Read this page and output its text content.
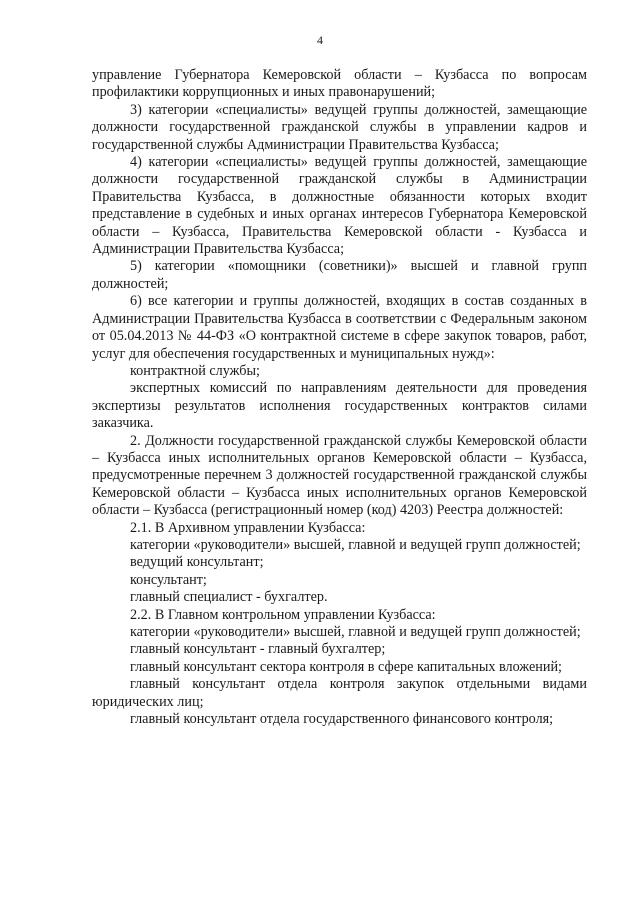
4

управление Губернатора Кемеровской области – Кузбасса по вопросам профилактики коррупционных и иных правонарушений;

3) категории «специалисты» ведущей группы должностей, замещающие должности государственной гражданской службы в управлении кадров и государственной службы Администрации Правительства Кузбасса;

4) категории «специалисты» ведущей группы должностей, замещающие должности государственной гражданской службы в Администрации Правительства Кузбасса, в должностные обязанности которых входит представление в судебных и иных органах интересов Губернатора Кемеровской области – Кузбасса, Правительства Кемеровской области - Кузбасса и Администрации Правительства Кузбасса;

5) категории «помощники (советники)» высшей и главной групп должностей;

6) все категории и группы должностей, входящих в состав созданных в Администрации Правительства Кузбасса в соответствии с Федеральным законом от 05.04.2013 № 44-ФЗ «О контрактной системе в сфере закупок товаров, работ, услуг для обеспечения государственных и муниципальных нужд»:

контрактной службы;

экспертных комиссий по направлениям деятельности для проведения экспертизы результатов исполнения государственных контрактов силами заказчика.

2. Должности государственной гражданской службы Кемеровской области – Кузбасса иных исполнительных органов Кемеровской области – Кузбасса, предусмотренные перечнем 3 должностей государственной гражданской службы Кемеровской области – Кузбасса иных исполнительных органов Кемеровской области – Кузбасса (регистрационный номер (код) 4203) Реестра должностей:

2.1. В Архивном управлении Кузбасса:

категории «руководители» высшей, главной и ведущей групп должностей;

ведущий консультант;

консультант;

главный специалист - бухгалтер.

2.2. В Главном контрольном управлении Кузбасса:

категории «руководители» высшей, главной и ведущей групп должностей;

главный консультант - главный бухгалтер;

главный консультант сектора контроля в сфере капитальных вложений;

главный консультант отдела контроля закупок отдельными видами юридических лиц;

главный консультант отдела государственного финансового контроля;
